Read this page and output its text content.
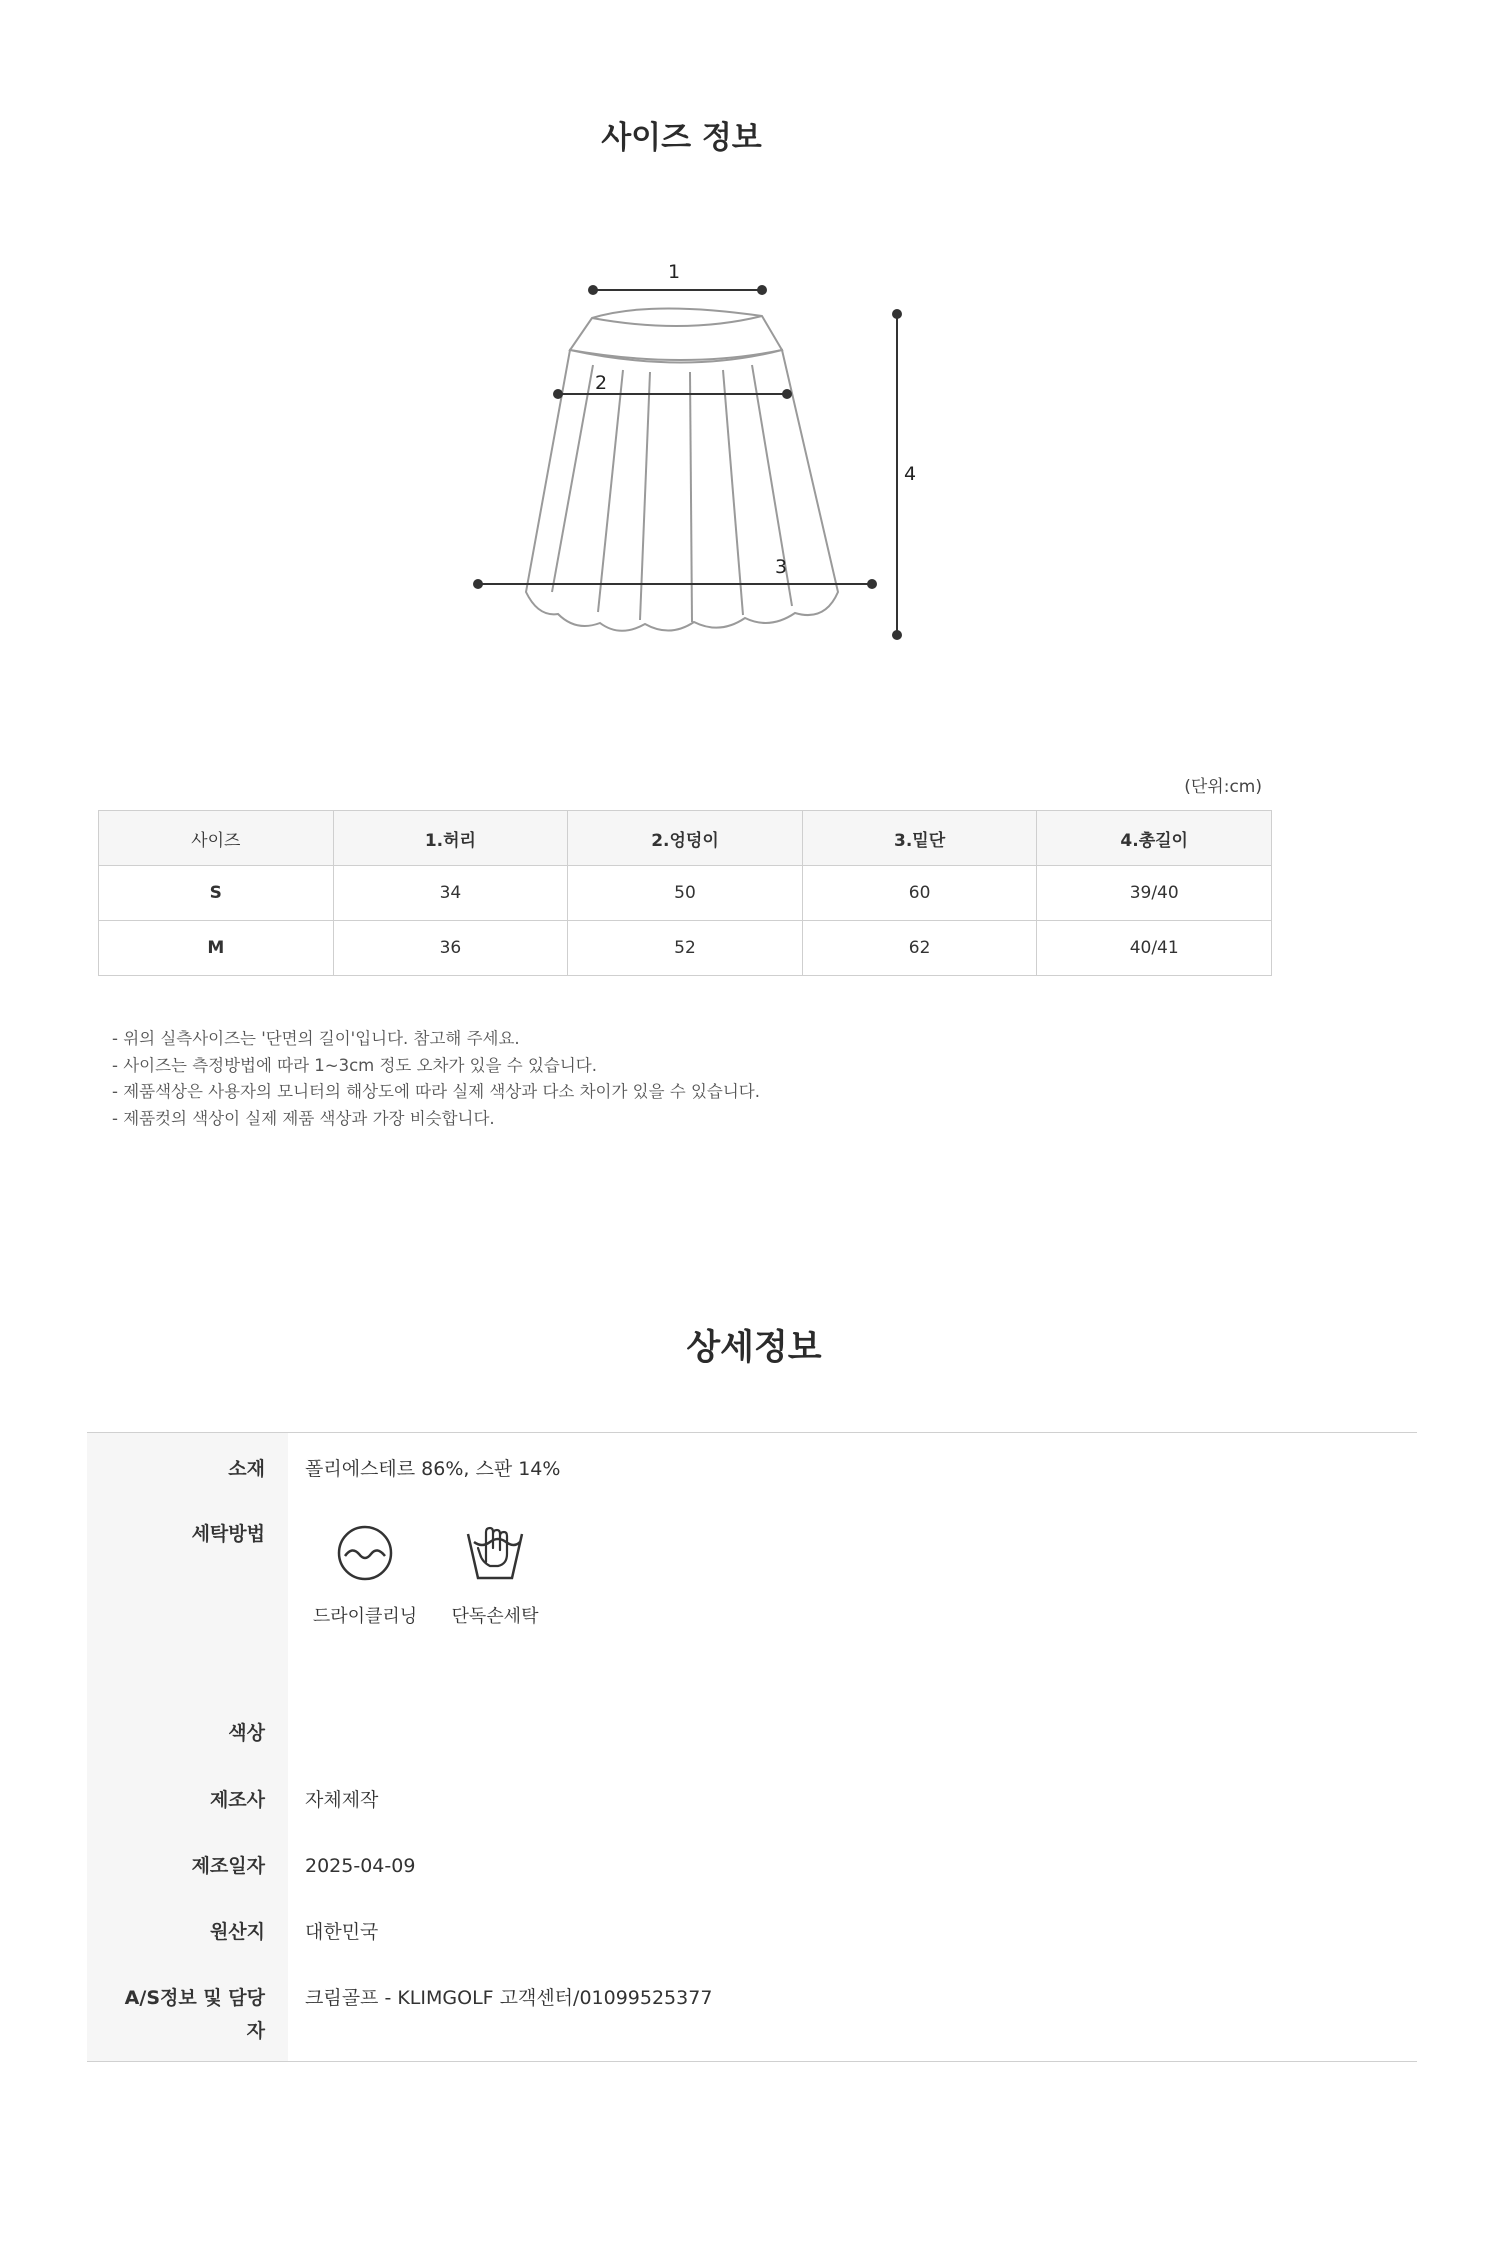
사이즈 정보
1
2
3
4
(단위:cm)
사이즈	1.허리	2.엉덩이	3.밑단	4.총길이
S	34	50	60	39/40
M	36	52	62	40/41
- 위의 실측사이즈는 '단면의 길이'입니다. 참고해 주세요.
- 사이즈는 측정방법에 따라 1~3cm 정도 오차가 있을 수 있습니다.
- 제품색상은 사용자의 모니터의 해상도에 따라 실제 색상과 다소 차이가 있을 수 있습니다.
- 제품컷의 색상이 실제 제품 색상과 가장 비슷합니다.
상세정보
소재 폴리에스테르 86%, 스판 14%
세탁방법
드라이클리닝	단독손세탁
색상
제조사 자체제작
제조일자 2025-04-09
원산지 대한민국
A/S정보 및 담당
자
크림골프 - KLIMGOLF 고객센터/01099525377
